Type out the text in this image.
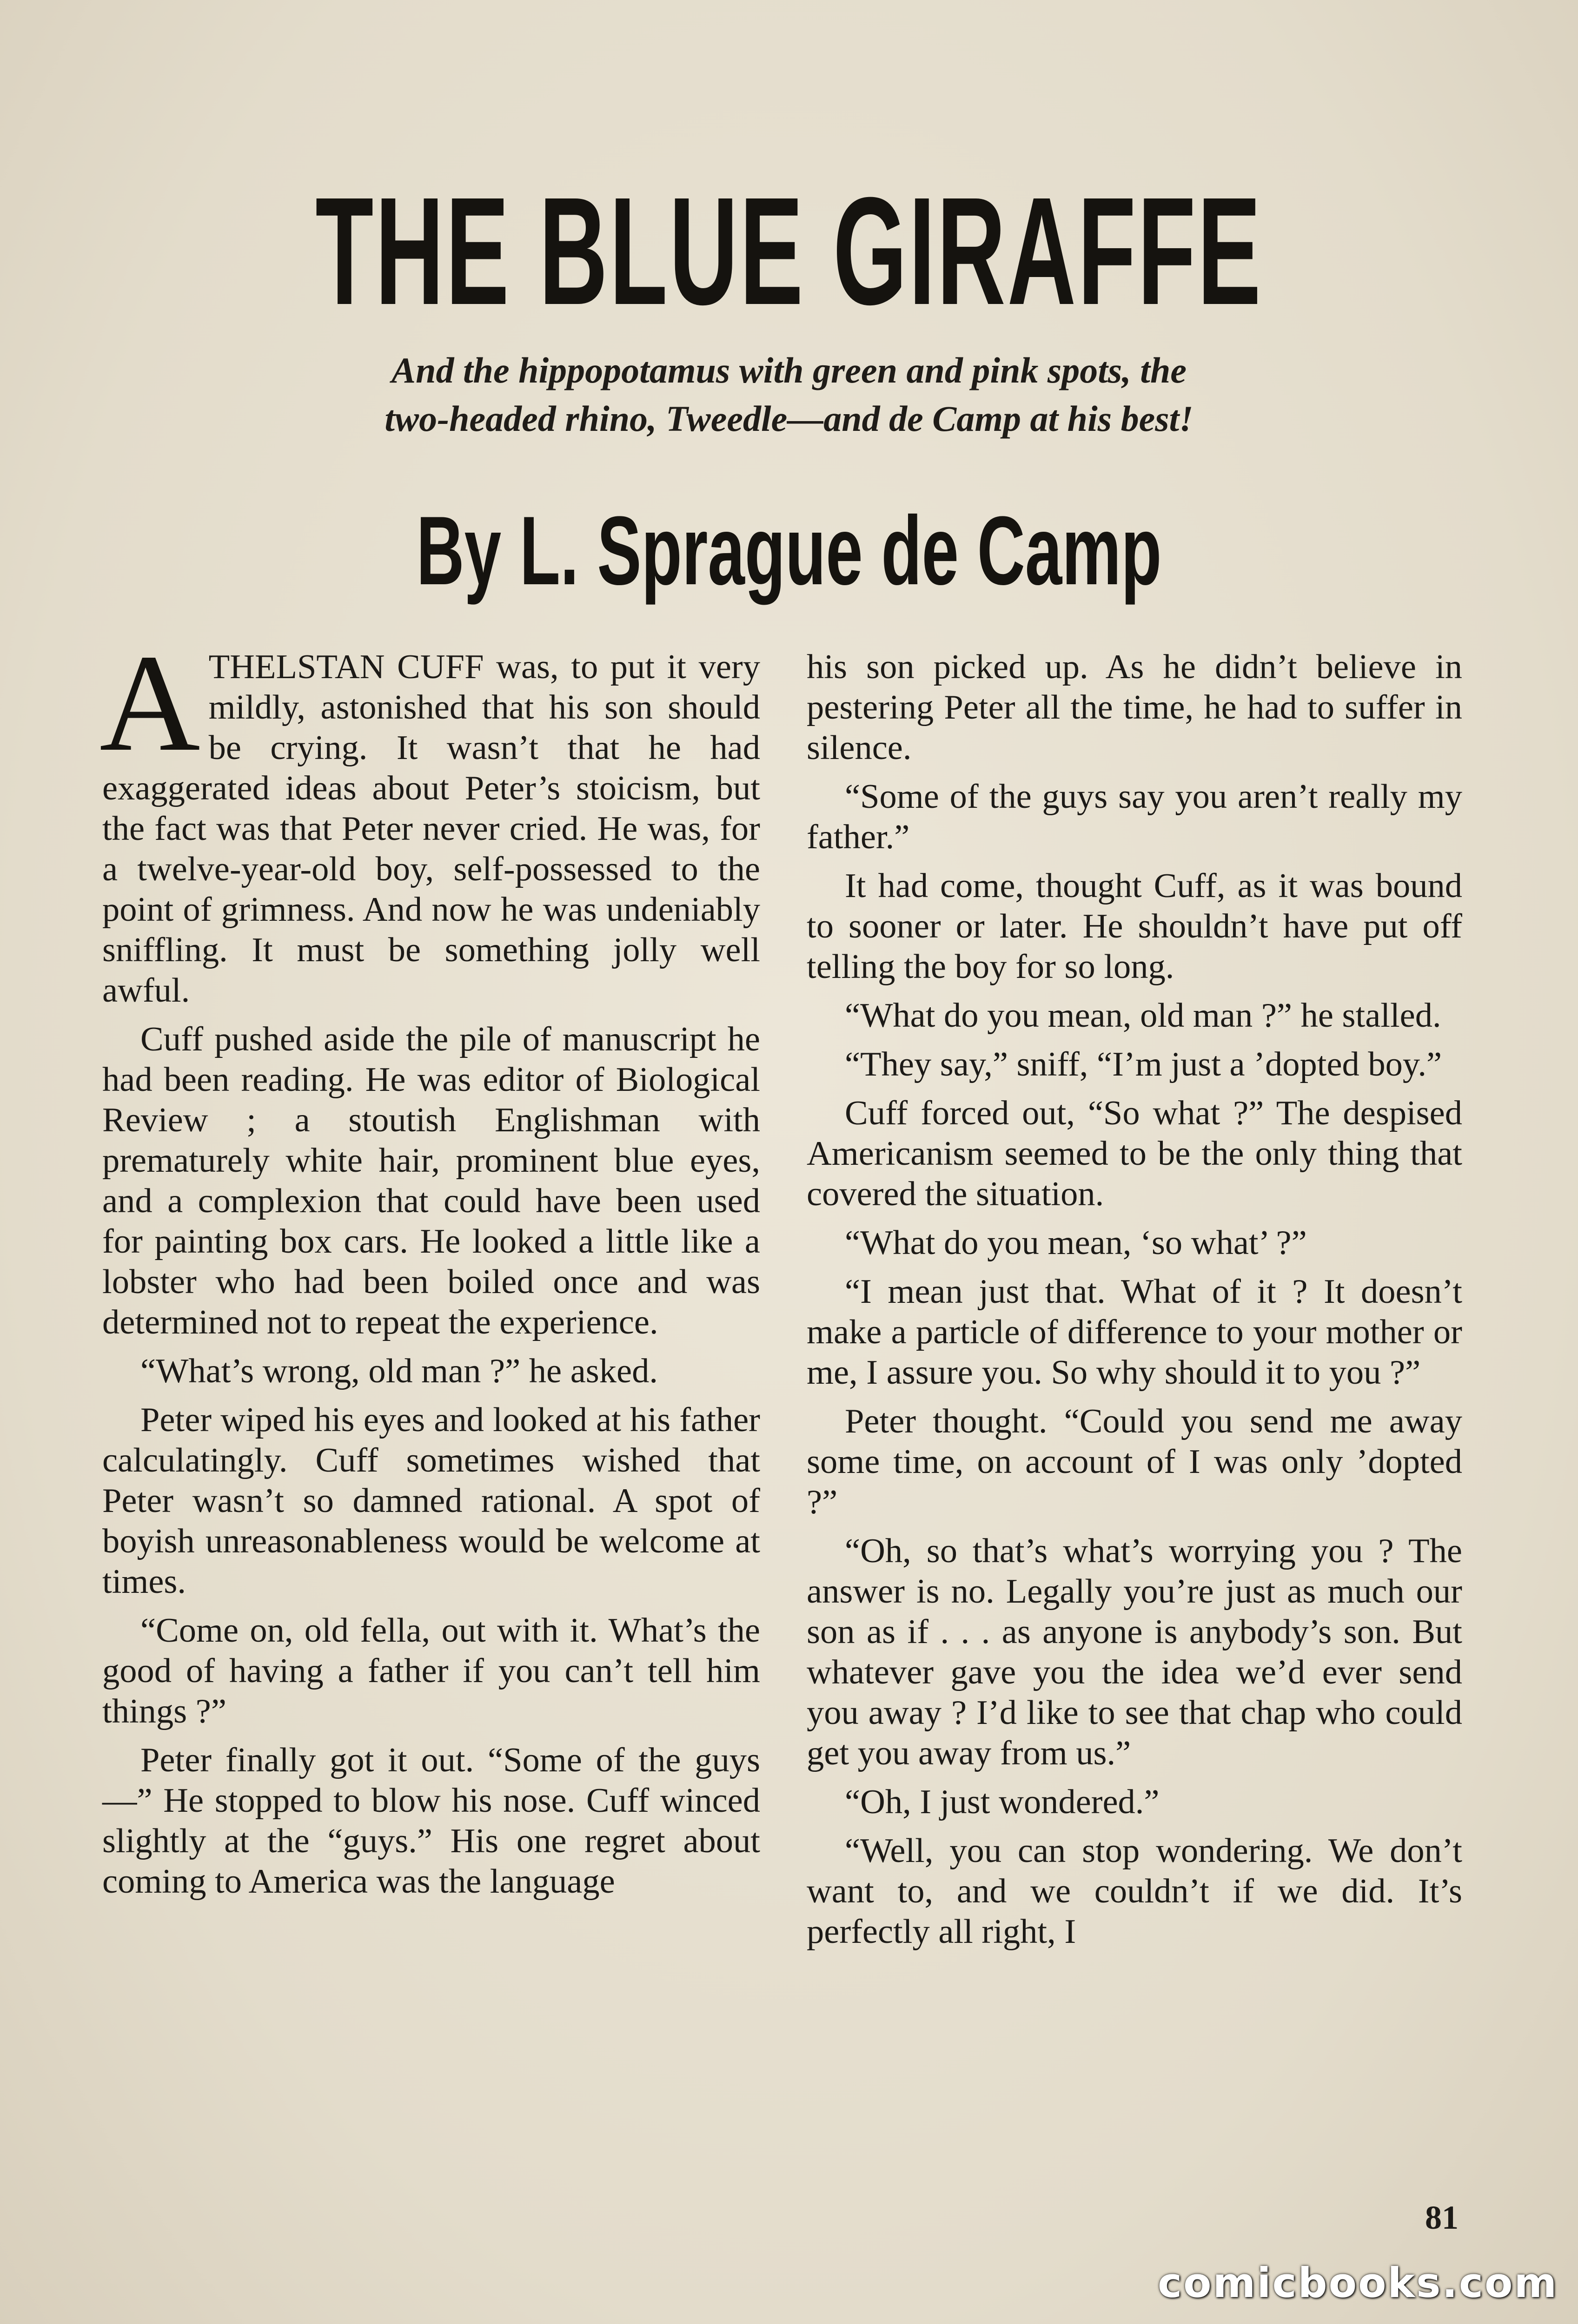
THE BLUE GIRAFFE
And the hippopotamus with green and pink spots, the
two-headed rhino, Tweedle—and de Camp at his best!
By L. Sprague de Camp

ATHELSTAN CUFF was, to put it very mildly, astonished that his son should be crying. It wasn’t that he had exaggerated ideas about Peter’s stoicism, but the fact was that Peter never cried. He was, for a twelve-year-old boy, self-possessed to the point of grimness. And now he was undeniably sniffling. It must be something jolly well awful.

Cuff pushed aside the pile of manuscript he had been reading. He was editor of Biological Review ; a stoutish Englishman with prematurely white hair, prominent blue eyes, and a complexion that could have been used for painting box cars. He looked a little like a lobster who had been boiled once and was determined not to repeat the experience.

“What’s wrong, old man ?” he asked.

Peter wiped his eyes and looked at his father calculatingly. Cuff sometimes wished that Peter wasn’t so damned rational. A spot of boyish unreasonableness would be welcome at times.

“Come on, old fella, out with it. What’s the good of having a father if you can’t tell him things ?”

Peter finally got it out. “Some of the guys—” He stopped to blow his nose. Cuff winced slightly at the “guys.” His one regret about coming to America was the language

his son picked up. As he didn’t believe in pestering Peter all the time, he had to suffer in silence.

“Some of the guys say you aren’t really my father.”

It had come, thought Cuff, as it was bound to sooner or later. He shouldn’t have put off telling the boy for so long.

“What do you mean, old man ?” he stalled.

“They say,” sniff, “I’m just a ’dopted boy.”

Cuff forced out, “So what ?” The despised Americanism seemed to be the only thing that covered the situation.

“What do you mean, ‘so what’ ?”

“I mean just that. What of it ? It doesn’t make a particle of difference to your mother or me, I assure you. So why should it to you ?”

Peter thought. “Could you send me away some time, on account of I was only ’dopted ?”

“Oh, so that’s what’s worrying you ? The answer is no. Legally you’re just as much our son as if . . . as anyone is anybody’s son. But whatever gave you the idea we’d ever send you away ? I’d like to see that chap who could get you away from us.”

“Oh, I just wondered.”

“Well, you can stop wondering. We don’t want to, and we couldn’t if we did. It’s perfectly all right, I

81
comicbooks.com
